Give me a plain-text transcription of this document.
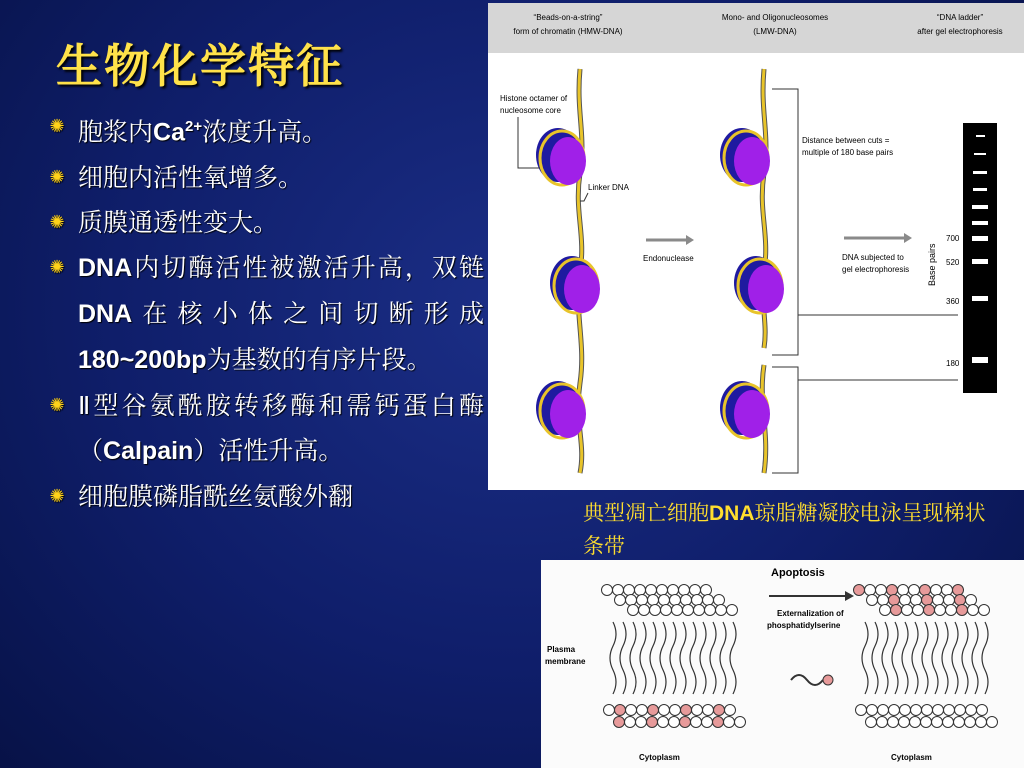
生物化学特征
✺ 胞浆内$Ca^{2+}$浓度升高。
✺ 细胞内活性氧增多。
✺ 质膜通透性变大。
✺ DNA内切酶活性被激活升高，双链DNA在核小体之间切断形成180~200bp为基数的有序片段。
✺ Ⅱ型谷氨酰胺转移酶和需钙蛋白酶（Calpain）活性升高。
✺ 细胞膜磷脂酰丝氨酸外翻
“Beads-on-a-string”
form of chromatin (HMW-DNA)
Mono- and Oligonucleosomes
(LMW-DNA)
“DNA ladder”
after gel electrophoresis
Histone octamer of
nucleosome core
Linker DNA
Endonuclease
Distance between cuts =
multiple of 180 base pairs
DNA subjected to
gel electrophoresis Base pairs
700
520
360
180

典型凋亡细胞DNA琼脂糖凝胶电泳呈现梯状条带

Apoptosis
Externalization of
phosphatidylserine
Plasma
membrane
Cytoplasm	Cytoplasm
